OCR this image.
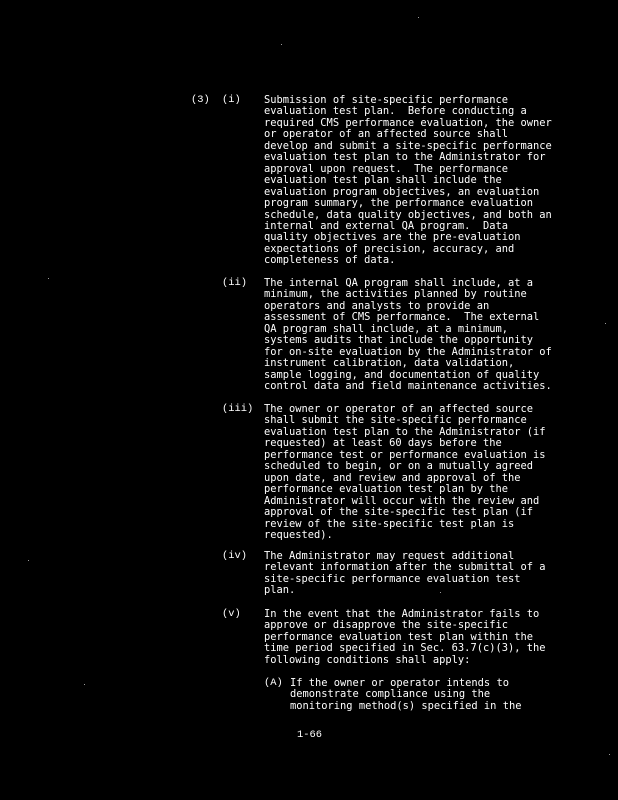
(3) (i) Submission of site-specific performance
evaluation test plan.  Before conducting a
required CMS performance evaluation, the owner
or operator of an affected source shall
develop and submit a site-specific performance
evaluation test plan to the Administrator for
approval upon request.  The performance
evaluation test plan shall include the
evaluation program objectives, an evaluation
program summary, the performance evaluation
schedule, data quality objectives, and both an
internal and external QA program.  Data
quality objectives are the pre-evaluation
expectations of precision, accuracy, and
completeness of data.
(ii) The internal QA program shall include, at a
minimum, the activities planned by routine
operators and analysts to provide an
assessment of CMS performance.  The external
QA program shall include, at a minimum,
systems audits that include the opportunity
for on-site evaluation by the Administrator of
instrument calibration, data validation,
sample logging, and documentation of quality
control data and field maintenance activities.
(iii) The owner or operator of an affected source
shall submit the site-specific performance
evaluation test plan to the Administrator (if
requested) at least 60 days before the
performance test or performance evaluation is
scheduled to begin, or on a mutually agreed
upon date, and review and approval of the
performance evaluation test plan by the
Administrator will occur with the review and
approval of the site-specific test plan (if
review of the site-specific test plan is
requested).
(iv) The Administrator may request additional
relevant information after the submittal of a
site-specific performance evaluation test
plan.
(v) In the event that the Administrator fails to
approve or disapprove the site-specific
performance evaluation test plan within the
time period specified in Sec. 63.7(c)(3), the
following conditions shall apply:
(A) If the owner or operator intends to
demonstrate compliance using the
monitoring method(s) specified in the
1-66
